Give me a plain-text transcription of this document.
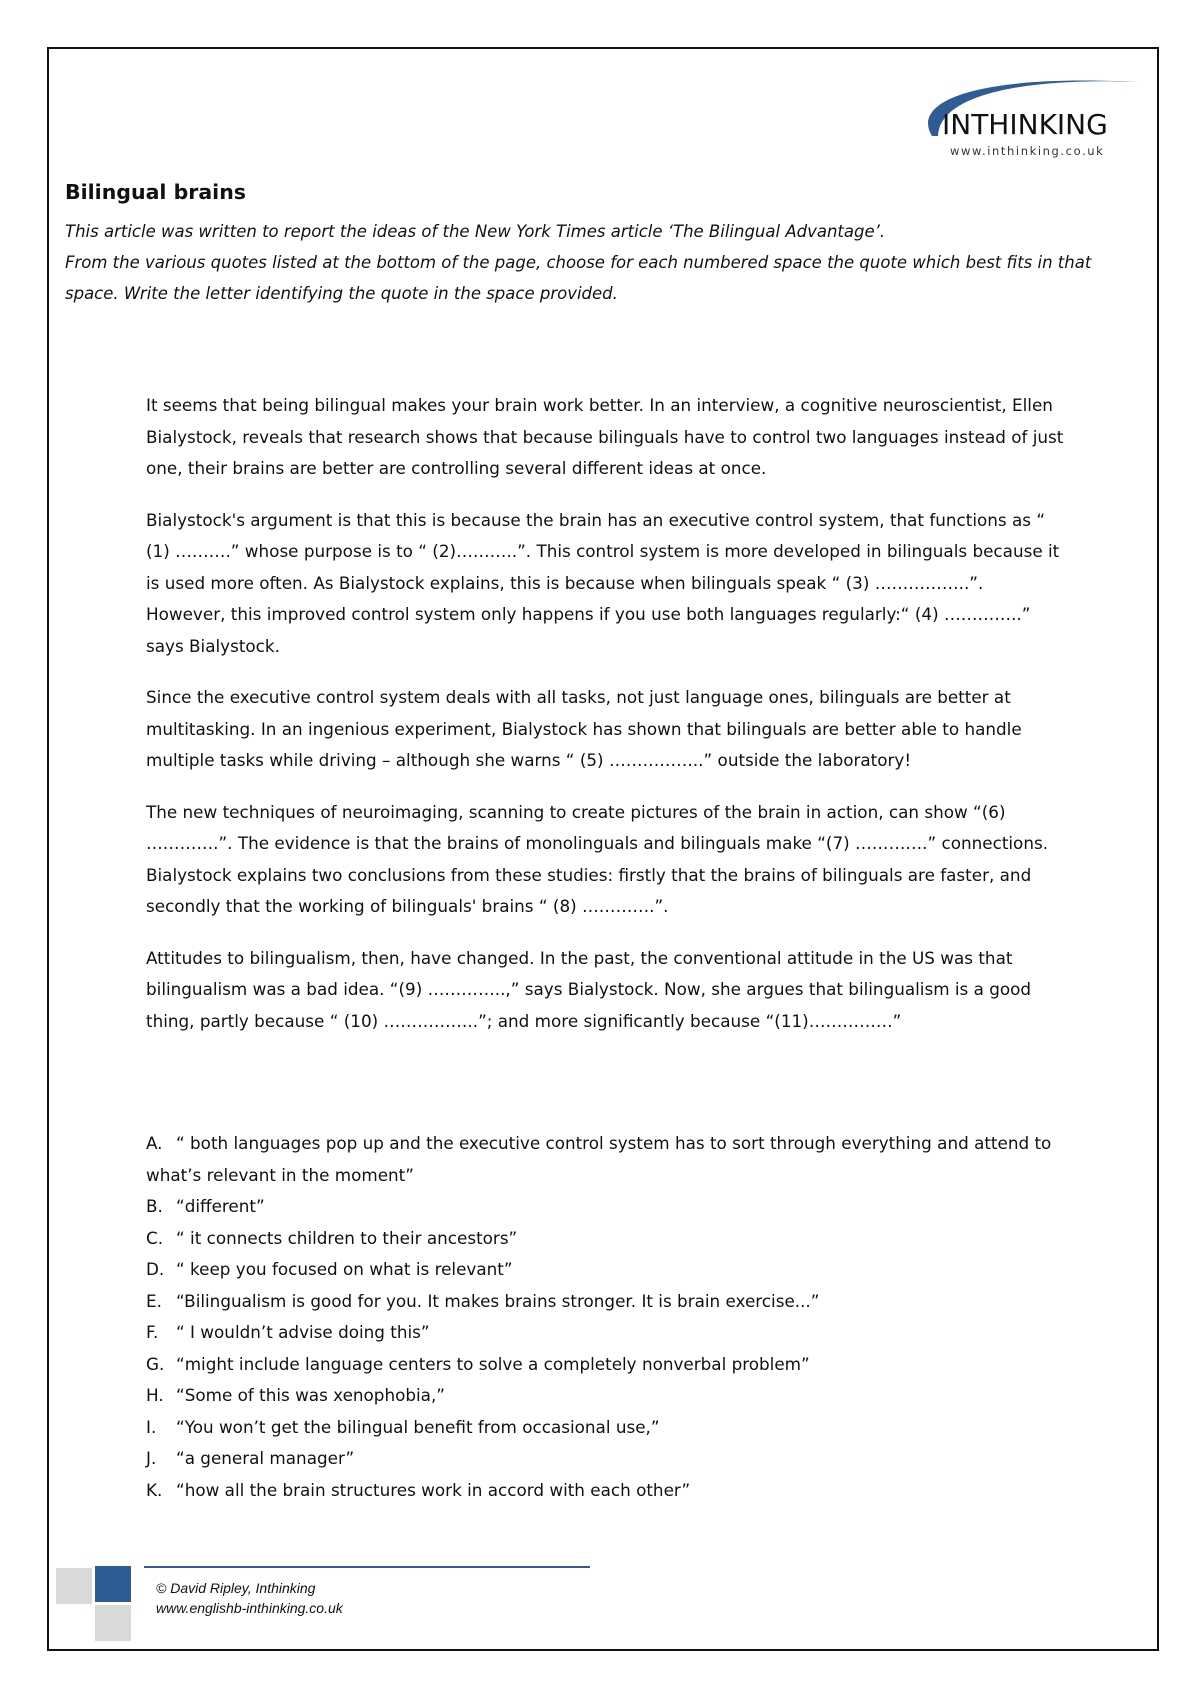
INTHINKING
www.inthinking.co.uk
Bilingual brains

This article was written to report the ideas of the New York Times article ‘The Bilingual Advantage’.

From the various quotes listed at the bottom of the page, choose for each numbered space the quote which best fits in that space. Write the letter identifying the quote in the space provided.

It seems that being bilingual makes your brain work better. In an interview, a cognitive neuroscientist, Ellen Bialystock, reveals that research shows that because bilinguals have to control two languages instead of just one, their brains are better are controlling several different ideas at once.

Bialystock's argument is that this is because the brain has an executive control system, that functions as “ (1) ……….” whose purpose is to “ (2)………..”. This control system is more developed in bilinguals because it is used more often. As Bialystock explains, this is because when bilinguals speak “ (3) ……………..”. However, this improved control system only happens if you use both languages regularly:“ (4) …………..” says Bialystock.

Since the executive control system deals with all tasks, not just language ones, bilinguals are better at multitasking. In an ingenious experiment, Bialystock has shown that bilinguals are better able to handle multiple tasks while driving – although she warns “ (5) ……………..” outside the laboratory!

The new techniques of neuroimaging, scanning to create pictures of the brain in action, can show “(6) ………….”. The evidence is that the brains of monolinguals and bilinguals make “(7) ………….” connections. Bialystock explains two conclusions from these studies: firstly that the brains of bilinguals are faster, and secondly that the working of bilinguals' brains “ (8) ………….”.

Attitudes to bilingualism, then, have changed. In the past, the conventional attitude in the US was that bilingualism was a bad idea. “(9) …………..,” says Bialystock. Now, she argues that bilingualism is a good thing, partly because “ (10) ……………..”; and more significantly because “(11)……………”

A. “ both languages pop up and the executive control system has to sort through everything and attend to what’s relevant in the moment”
B. “different”
C. “ it connects children to their ancestors”
D. “ keep you focused on what is relevant”
E. “Bilingualism is good for you. It makes brains stronger. It is brain exercise...”
F. “ I wouldn’t advise doing this”
G. “might include language centers to solve a completely nonverbal problem”
H. “Some of this was xenophobia,”
I. “You won’t get the bilingual benefit from occasional use,”
J. “a general manager”
K. “how all the brain structures work in accord with each other”
© David Ripley, Inthinking
www.englishb-inthinking.co.uk
